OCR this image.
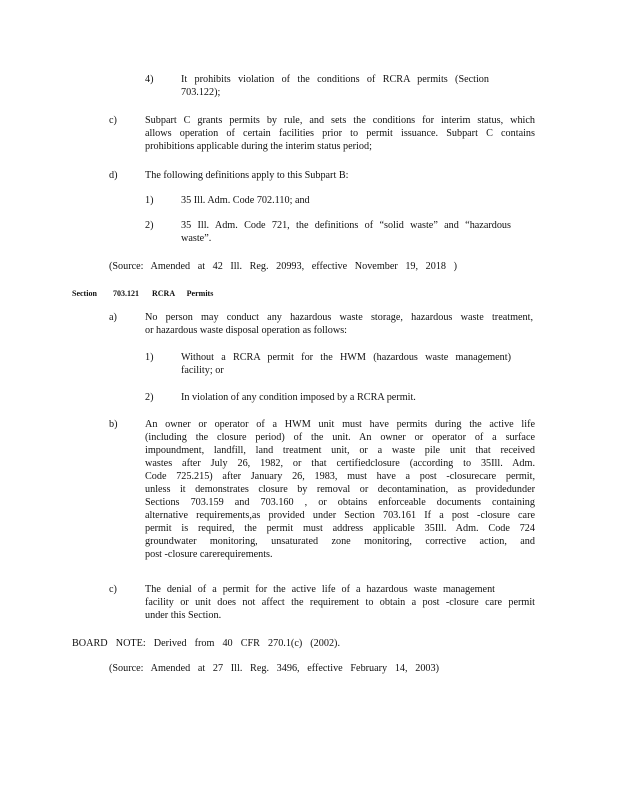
4)	It prohibits violation of the conditions of RCRA permits (Section
703.122);
c)	Subpart C grants permits by rule, and sets the conditions for interim status, which
allows operation of certain facilities prior to permit issuance. Subpart C contains
prohibitions applicable during the interim status period;
d)	The following definitions apply to this Subpart B:
1)	35 Ill. Adm. Code 702.110; and
2)	35 Ill. Adm. Code 721, the definitions of “solid waste” and “hazardous
waste”.
(Source: Amended at 42 Ill. Reg. 20993, effective November 19, 2018 )
Section 703.121 RCRA Permits
a)	No person may conduct any hazardous waste storage, hazardous waste treatment,
or hazardous waste disposal operation as follows:
1)	Without a RCRA permit for the HWM (hazardous waste management)
facility; or
2)	In violation of any condition imposed by a RCRA permit.
b)	An owner or operator of a HWM unit must have permits during the active life
(including the closure period) of the unit. An owner or operator of a surface
impoundment, landfill, land treatment unit, or a waste pile unit that received
wastes after July 26, 1982, or that certifiedclosure (according to 35Ill. Adm.
Code 725.215) after January 26, 1983, must have a post -closurecare permit,
unless it demonstrates closure by removal or decontamination, as providedunder
Sections 703.159 and 703.160 , or obtains enforceable documents containing
alternative requirements,as provided under Section 703.161 If a post -closure care
permit is required, the permit must address applicable 35Ill. Adm. Code 724
groundwater monitoring, unsaturated zone monitoring, corrective action, and
post -closure carerequirements.
c)	The denial of a permit for the active life of a hazardous waste management
facility or unit does not affect the requirement to obtain a post -closure care permit
under this Section.
BOARD NOTE: Derived from 40 CFR 270.1(c) (2002).
(Source: Amended at 27 Ill. Reg. 3496, effective February 14, 2003)
